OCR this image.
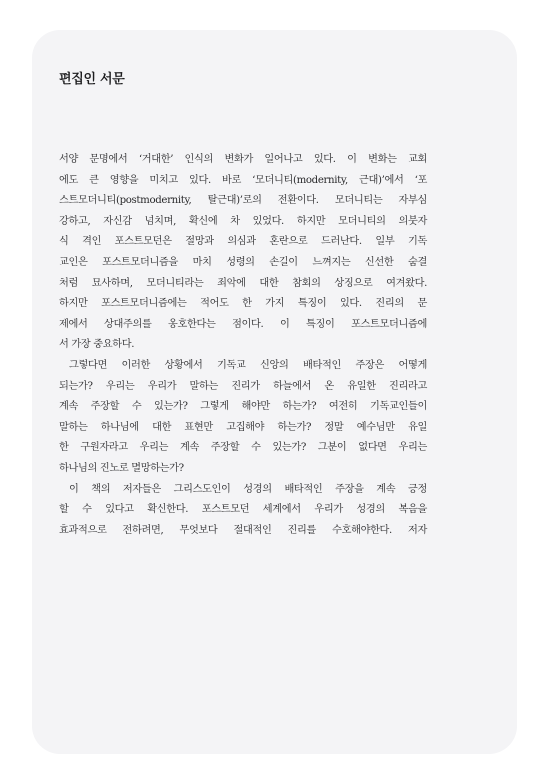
편집인 서문

서양 문명에서 ‘거대한’ 인식의 변화가 일어나고 있다. 이 변화는 교회
에도 큰 영향을 미치고 있다. 바로 ‘모더니티(modernity, 근대)’에서 ‘포
스트모더니티(postmodernity, 탈근대)’로의 전환이다. 모더니티는 자부심
강하고, 자신감 넘치며, 확신에 차 있었다. 하지만 모더니티의 의붓자
식 격인 포스트모던은 절망과 의심과 혼란으로 드러난다. 일부 기독
교인은 포스트모더니즘을 마치 성령의 손길이 느껴지는 신선한 숨결
처럼 묘사하며, 모더니티라는 죄악에 대한 참회의 상징으로 여겨왔다.
하지만 포스트모더니즘에는 적어도 한 가지 특징이 있다. 진리의 문
제에서 상대주의를 옹호한다는 점이다. 이 특징이 포스트모더니즘에
서 가장 중요하다.

그렇다면 이러한 상황에서 기독교 신앙의 배타적인 주장은 어떻게
되는가? 우리는 우리가 말하는 진리가 하늘에서 온 유일한 진리라고
계속 주장할 수 있는가? 그렇게 해야만 하는가? 여전히 기독교인들이
말하는 하나님에 대한 표현만 고집해야 하는가? 정말 예수님만 유일
한 구원자라고 우리는 계속 주장할 수 있는가? 그분이 없다면 우리는
하나님의 진노로 멸망하는가?

이 책의 저자들은 그리스도인이 성경의 배타적인 주장을 계속 긍정
할 수 있다고 확신한다. 포스트모던 세계에서 우리가 성경의 복음을
효과적으로 전하려면, 무엇보다 절대적인 진리를 수호해야한다. 저자
